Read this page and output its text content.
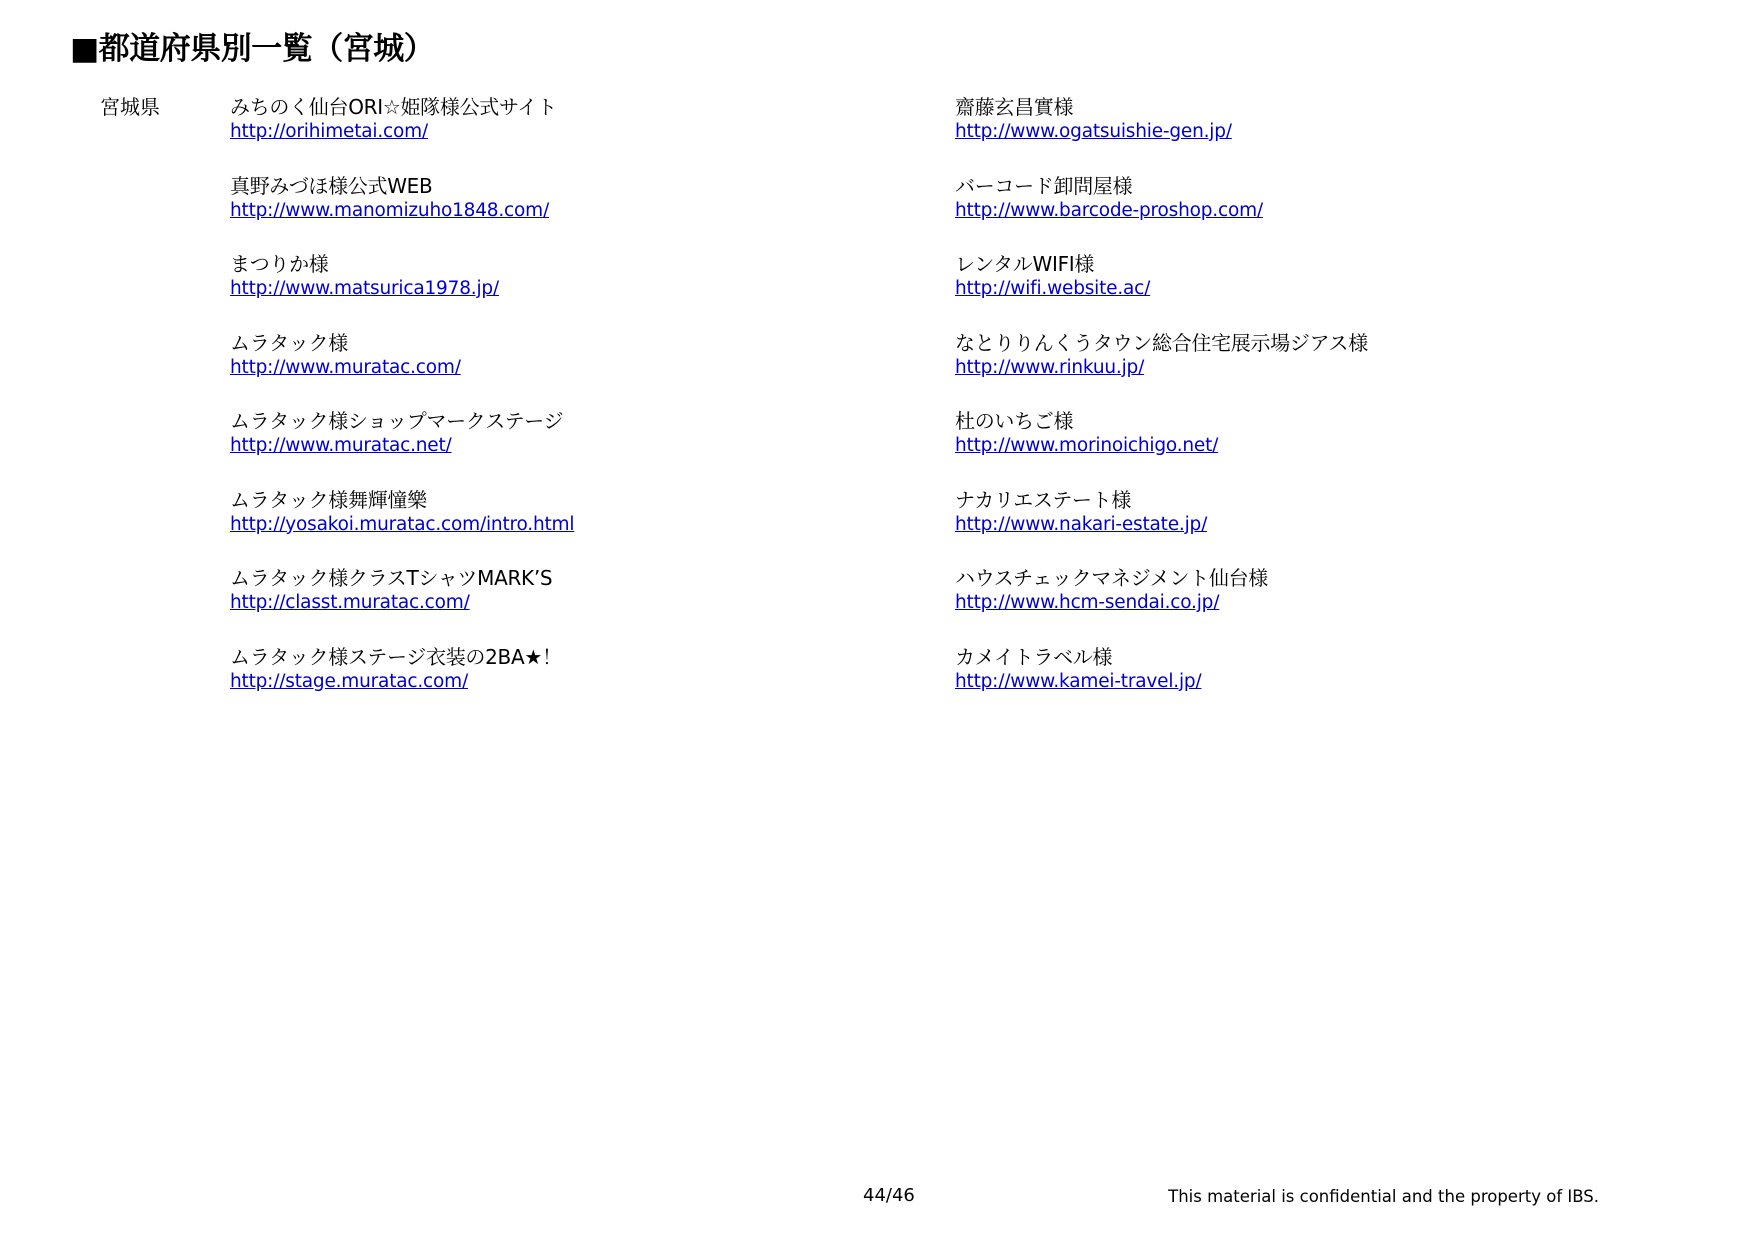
■都道府県別一覧（宮城）
宮城県	みちのく仙台ORI☆姫隊様公式サイト
http://orihimetai.com/
真野みづほ様公式WEB
http://www.manomizuho1848.com/
まつりか様
http://www.matsurica1978.jp/
ムラタック様
http://www.muratac.com/
ムラタック様ショップマークステージ
http://www.muratac.net/
ムラタック様舞輝憧樂
http://yosakoi.muratac.com/intro.html
ムラタック様クラスTシャツMARK’S
http://classt.muratac.com/
ムラタック様ステージ衣装の2BA★！
http://stage.muratac.com/
齋藤玄昌實様
http://www.ogatsuishie-gen.jp/
バーコード卸問屋様
http://www.barcode-proshop.com/
レンタルWIFI様
http://wifi.website.ac/
なとりりんくうタウン総合住宅展示場ジアス様
http://www.rinkuu.jp/
杜のいちご様
http://www.morinoichigo.net/
ナカリエステート様
http://www.nakari-estate.jp/
ハウスチェックマネジメント仙台様
http://www.hcm-sendai.co.jp/
カメイトラベル様
http://www.kamei-travel.jp/
44/46	This material is confidential and the property of IBS.
